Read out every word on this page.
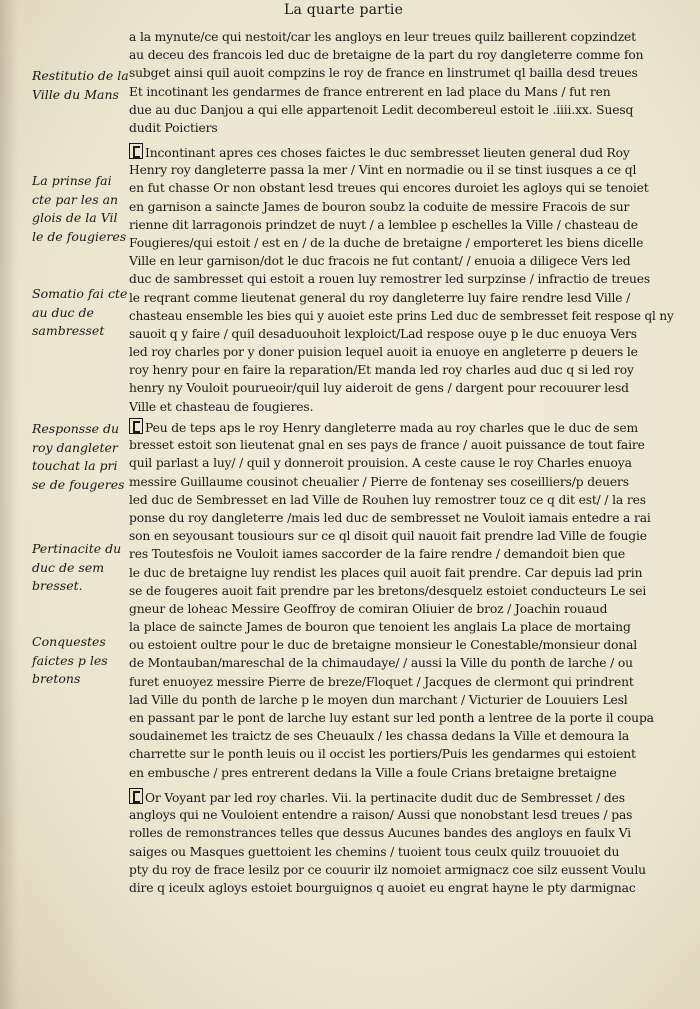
La quarte partie
Restitutio de la Ville du Mans
La prinse fai cte par les an glois de la Vil le de fougieres
Somatio fai cte au duc de sambresset
Responsse du roy dangleter touchat la pri se de fougeres
Pertinacite du duc de sem bresset.
Conquestes faictes p les bretons
a la mynute/ce qui nestoit/car les angloys en leur treues quilz baillerent copzindzet
au deceu des francois led duc de bretaigne de la part du roy dangleterre comme fon
subget ainsi quil auoit compzins le roy de france en linstrumet ql bailla desd treues
Et incotinant les gendarmes de france entrerent en lad place du Mans / fut ren
due au duc Danjou a qui elle appartenoit Ledit decombereul estoit le .iiii.xx. Suesq
dudit Poictiers
Incontinant apres ces choses faictes le duc sembresset lieuten general dud Roy
Henry roy dangleterre passa la mer / Vint en normadie ou il se tinst iusques a ce ql
en fut chasse Or non obstant lesd treues qui encores duroiet les agloys qui se tenoiet
en garnison a saincte James de bouron soubz la coduite de messire Fracois de sur
rienne dit larragonois prindzet de nuyt / a lemblee p eschelles la Ville / chasteau de
Fougieres/qui estoit / est en / de la duche de bretaigne / emporteret les biens dicelle
Ville en leur garnison/dot le duc fracois ne fut contant/ / enuoia a diligece Vers led
duc de sambresset qui estoit a rouen luy remostrer led surpzinse / infractio de treues
le reqrant comme lieutenat general du roy dangleterre luy faire rendre lesd Ville /
chasteau ensemble les bies qui y auoiet este prins Led duc de sembresset feit respose ql ny
sauoit q y faire / quil desaduouhoit lexploict/Lad respose ouye p le duc enuoya Vers
led roy charles por y doner puision lequel auoit ia enuoye en angleterre p deuers le
roy henry pour en faire la reparation/Et manda led roy charles aud duc q si led roy
henry ny Vouloit pourueoir/quil luy aideroit de gens / dargent pour recouurer lesd
Ville et chasteau de fougieres.
Peu de teps aps le roy Henry dangleterre mada au roy charles que le duc de sem
bresset estoit son lieutenat gnal en ses pays de france / auoit puissance de tout faire
quil parlast a luy/ / quil y donneroit prouision. A ceste cause le roy Charles enuoya
messire Guillaume cousinot cheualier / Pierre de fontenay ses coseilliers/p deuers
led duc de Sembresset en lad Ville de Rouhen luy remostrer touz ce q dit est/ / la res
ponse du roy dangleterre /mais led duc de sembresset ne Vouloit iamais entedre a rai
son en seyousant tousiours sur ce ql disoit quil nauoit fait prendre lad Ville de fougie
res Toutesfois ne Vouloit iames saccorder de la faire rendre / demandoit bien que
le duc de bretaigne luy rendist les places quil auoit fait prendre. Car depuis lad prin
se de fougeres auoit fait prendre par les bretons/desquelz estoiet conducteurs Le sei
gneur de loheac Messire Geoffroy de comiran Oliuier de broz / Joachin rouaud
la place de saincte James de bouron que tenoient les anglais La place de mortaing
ou estoient oultre pour le duc de bretaigne monsieur le Conestable/monsieur donal
de Montauban/mareschal de la chimaudaye/ / aussi la Ville du ponth de larche / ou
furet enuoyez messire Pierre de breze/Floquet / Jacques de clermont qui prindrent
lad Ville du ponth de larche p le moyen dun marchant / Victurier de Louuiers Lesl
en passant par le pont de larche luy estant sur led ponth a lentree de la porte il coupa
soudainemet les traictz de ses Cheuaulx / les chassa dedans la Ville et demoura la
charrette sur le ponth leuis ou il occist les portiers/Puis les gendarmes qui estoient
en embusche / pres entrerent dedans la Ville a foule Crians bretaigne bretaigne
Or Voyant par led roy charles. Vii. la pertinacite dudit duc de Sembresset / des
angloys qui ne Vouloient entendre a raison/ Aussi que nonobstant lesd treues / pas
rolles de remonstrances telles que dessus Aucunes bandes des angloys en faulx Vi
saiges ou Masques guettoient les chemins / tuoient tous ceulx quilz trouuoiet du
pty du roy de frace lesilz por ce couurir ilz nomoiet armignacz coe silz eussent Voulu
dire q iceulx agloys estoiet bourguignos q auoiet eu engrat hayne le pty darmignac
